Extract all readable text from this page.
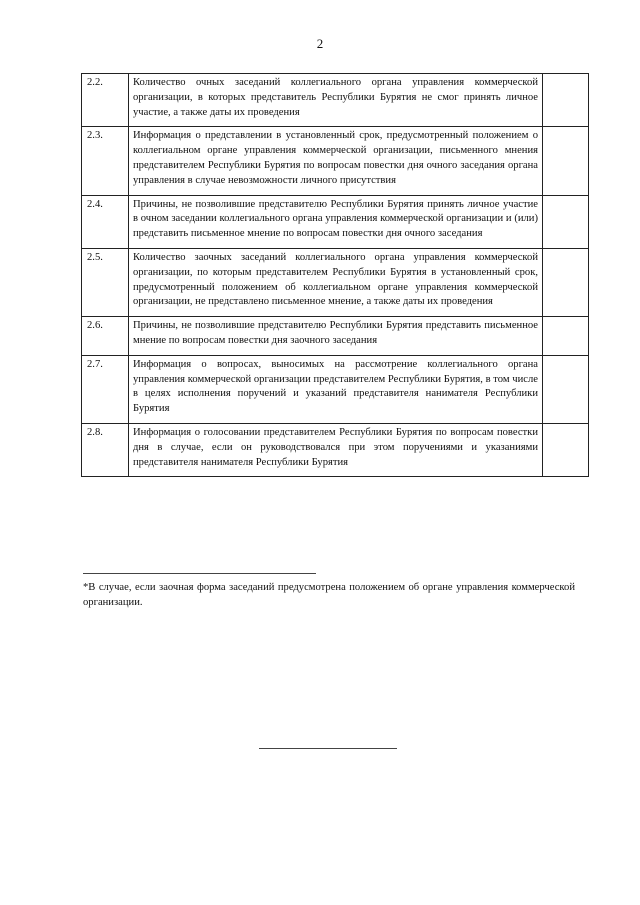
2
2.2.	Количество очных заседаний коллегиального органа управления коммерческой организации, в которых представитель Республики Бурятия не смог принять личное участие, а также даты их проведения	
2.3.	Информация о представлении в установленный срок, предусмотренный положением о коллегиальном органе управления коммерческой организации, письменного мнения представителем Республики Бурятия по вопросам повестки дня очного заседания органа управления в случае невозможности личного присутствия	
2.4.	Причины, не позволившие представителю Республики Бурятия принять личное участие в очном заседании коллегиального органа управления коммерческой организации и (или) представить письменное мнение по вопросам повестки дня очного заседания	
2.5.	Количество заочных заседаний коллегиального органа управления коммерческой организации, по которым представителем Республики Бурятия в установленный срок, предусмотренный положением об коллегиальном органе управления коммерческой организации, не представлено письменное мнение, а также даты их проведения	
2.6.	Причины, не позволившие представителю Республики Бурятия представить письменное мнение по вопросам повестки дня заочного заседания	
2.7.	Информация о вопросах, выносимых на рассмотрение коллегиального органа управления коммерческой организации представителем Республики Бурятия, в том числе в целях исполнения поручений и указаний представителя нанимателя Республики Бурятия	
2.8.	Информация о голосовании представителем Республики Бурятия по вопросам повестки дня в случае, если он руководствовался при этом поручениями и указаниями представителя нанимателя Республики Бурятия	
*В случае, если заочная форма заседаний предусмотрена положением об органе управления коммерческой организации.
